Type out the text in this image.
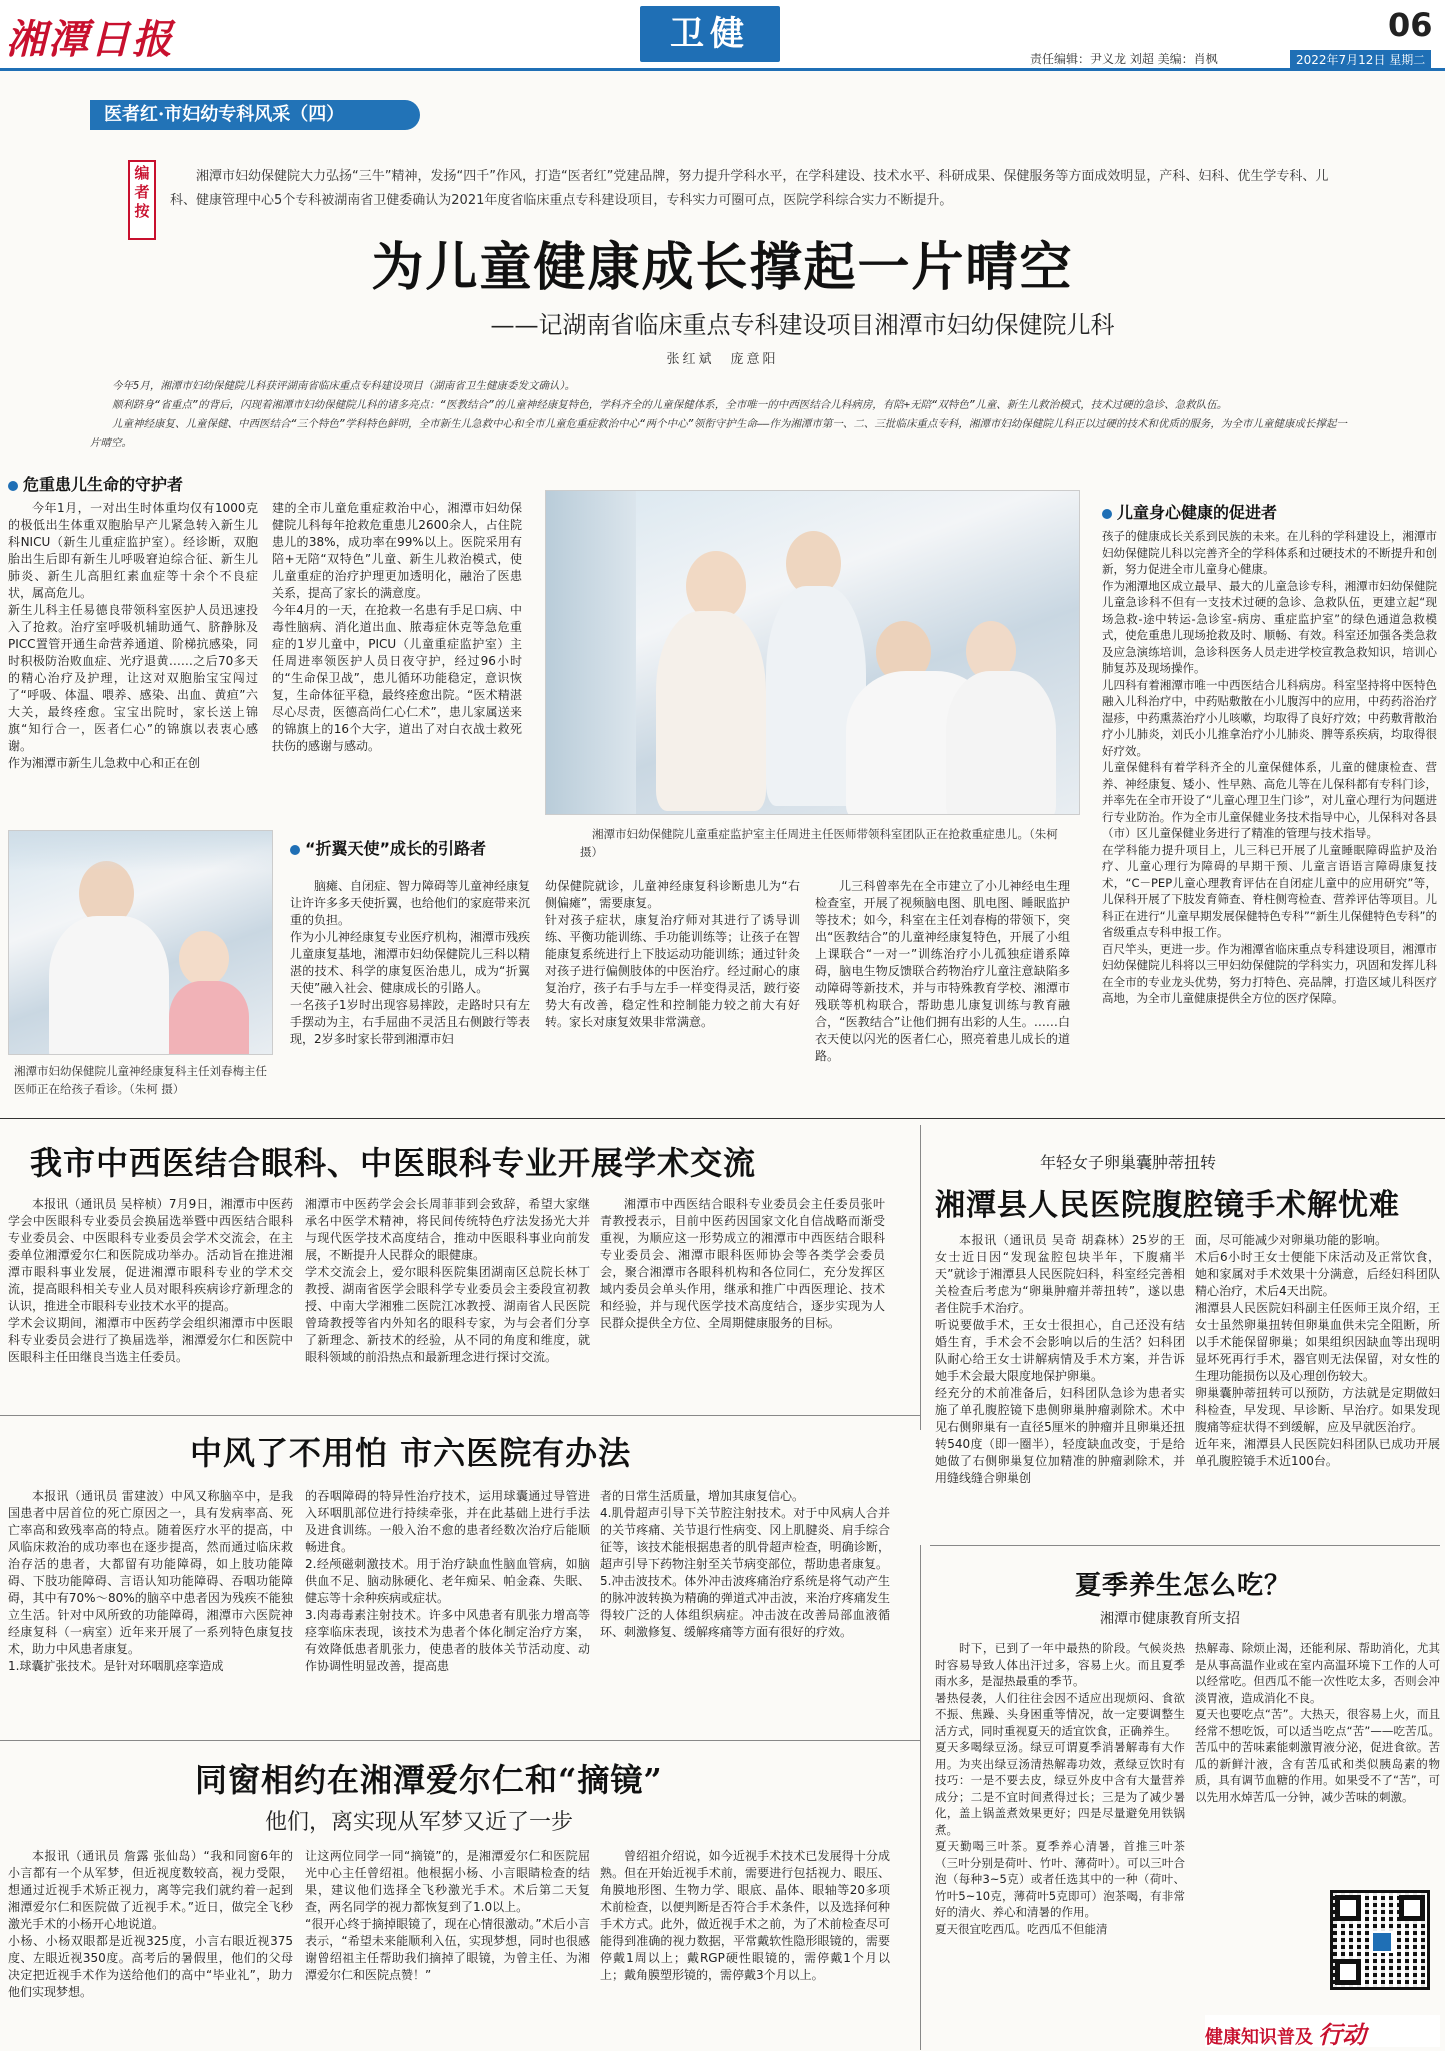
湘潭日报	卫健	06
责任编辑：尹义龙 刘超 美编：肖枫	2022年7月12日 星期二
医者红·市妇幼专科风采（四）
编者按
湘潭市妇幼保健院大力弘扬“三牛”精神，发扬“四千”作风，打造“医者红”党建品牌，努力提升学科水平，在学科建设、技术水平、科研成果、保健服务等方面成效明显，产科、妇科、优生学专科、儿科、健康管理中心5个专科被湖南省卫健委确认为2021年度省临床重点专科建设项目，专科实力可圈可点，医院学科综合实力不断提升。
为儿童健康成长撑起一片晴空
——记湖南省临床重点专科建设项目湘潭市妇幼保健院儿科
张红斌　庞意阳

今年5月，湘潭市妇幼保健院儿科获评湖南省临床重点专科建设项目（湖南省卫生健康委发文确认）。

顺利跻身“省重点”的背后，闪现着湘潭市妇幼保健院儿科的诸多亮点：“医教结合”的儿童神经康复特色，学科齐全的儿童保健体系，全市唯一的中西医结合儿科病房，有陪+无陪“双特色”儿童、新生儿救治模式，技术过硬的急诊、急救队伍。

儿童神经康复、儿童保健、中西医结合“三个特色”学科特色鲜明，全市新生儿急救中心和全市儿童危重症救治中心“两个中心”领衔守护生命——作为湘潭市第一、二、三批临床重点专科，湘潭市妇幼保健院儿科正以过硬的技术和优质的服务，为全市儿童健康成长撑起一片晴空。

危重患儿生命的守护者
今年1月，一对出生时体重均仅有1000克的极低出生体重双胞胎早产儿紧急转入新生儿科NICU（新生儿重症监护室）。经诊断，双胞胎出生后即有新生儿呼吸窘迫综合征、新生儿肺炎、新生儿高胆红素血症等十余个不良症状，属高危儿。
新生儿科主任易德良带领科室医护人员迅速投入了抢救。治疗室呼吸机辅助通气、脐静脉及PICC置管开通生命营养通道、阶梯抗感染，同时积极防治败血症、光疗退黄……之后70多天的精心治疗及护理，让这对双胞胎宝宝闯过了“呼吸、体温、喂养、感染、出血、黄疸”六大关，最终痊愈。宝宝出院时，家长送上锦旗“知行合一，医者仁心”的锦旗以表衷心感谢。
作为湘潭市新生儿急救中心和正在创
建的全市儿童危重症救治中心，湘潭市妇幼保健院儿科每年抢救危重患儿2600余人，占住院患儿的38%，成功率在99%以上。医院采用有陪+无陪“双特色”儿童、新生儿救治模式，使儿童重症的治疗护理更加透明化，融治了医患关系，提高了家长的满意度。
今年4月的一天，在抢救一名患有手足口病、中毒性脑病、消化道出血、脓毒症休克等急危重症的1岁儿童中，PICU（儿童重症监护室）主任周进率领医护人员日夜守护，经过96小时的“生命保卫战”，患儿循环功能稳定，意识恢复，生命体征平稳，最终痊愈出院。“医术精湛尽心尽责，医德高尚仁心仁术”，患儿家属送来的锦旗上的16个大字，道出了对白衣战士救死扶伤的感谢与感动。
湘潭市妇幼保健院儿童重症监护室主任周进主任医师带领科室团队正在抢救重症患儿。（朱柯 摄）
湘潭市妇幼保健院儿童神经康复科主任刘春梅主任医师正在给孩子看诊。（朱柯 摄）
“折翼天使”成长的引路者
脑瘫、自闭症、智力障碍等儿童神经康复让许许多多天使折翼，也给他们的家庭带来沉重的负担。
作为小儿神经康复专业医疗机构，湘潭市残疾儿童康复基地，湘潭市妇幼保健院儿三科以精湛的技术、科学的康复医治患儿，成为“折翼天使”融入社会、健康成长的引路人。
一名孩子1岁时出现容易摔跤，走路时只有左手摆动为主，右手屈曲不灵活且右侧跛行等表现，2岁多时家长带到湘潭市妇
幼保健院就诊，儿童神经康复科诊断患儿为“右侧偏瘫”，需要康复。
针对孩子症状，康复治疗师对其进行了诱导训练、平衡功能训练、手功能训练等；让孩子在智能康复系统进行上下肢运动功能训练；通过针灸对孩子进行偏侧肢体的中医治疗。经过耐心的康复治疗，孩子右手与左手一样变得灵活，跛行姿势大有改善，稳定性和控制能力较之前大有好转。家长对康复效果非常满意。
儿三科曾率先在全市建立了小儿神经电生理检查室，开展了视频脑电图、肌电图、睡眠监护等技术；如今，科室在主任刘春梅的带领下，突出“医教结合”的儿童神经康复特色，开展了小组上课联合“一对一”训练治疗小儿孤独症谱系障碍，脑电生物反馈联合药物治疗儿童注意缺陷多动障碍等新技术，并与市特殊教育学校、湘潭市残联等机构联合，帮助患儿康复训练与教育融合，“医教结合”让他们拥有出彩的人生。……白衣天使以闪光的医者仁心，照亮着患儿成长的道路。
儿童身心健康的促进者
孩子的健康成长关系到民族的未来。在儿科的学科建设上，湘潭市妇幼保健院儿科以完善齐全的学科体系和过硬技术的不断提升和创新，努力促进全市儿童身心健康。
作为湘潭地区成立最早、最大的儿童急诊专科，湘潭市妇幼保健院儿童急诊科不但有一支技术过硬的急诊、急救队伍，更建立起“现场急救-途中转运-急诊室-病房、重症监护室”的绿色通道急救模式，使危重患儿现场抢救及时、顺畅、有效。科室还加强各类急救及应急演练培训，急诊科医务人员走进学校宣教急救知识，培训心肺复苏及现场操作。
儿四科有着湘潭市唯一中西医结合儿科病房。科室坚持将中医特色融入儿科治疗中，中药贴敷散在小儿腹泻中的应用，中药药浴治疗湿疹，中药熏蒸治疗小儿咳嗽，均取得了良好疗效；中药敷背散治疗小儿肺炎，刘氏小儿推拿治疗小儿肺炎、脾等系疾病，均取得很好疗效。
儿童保健科有着学科齐全的儿童保健体系，儿童的健康检查、营养、神经康复、矮小、性早熟、高危儿等在儿保科都有专科门诊，并率先在全市开设了“儿童心理卫生门诊”，对儿童心理行为问题进行专业防治。作为全市儿童保健业务技术指导中心，儿保科对各县（市）区儿童保健业务进行了精准的管理与技术指导。
在学科能力提升项目上，儿三科已开展了儿童睡眠障碍监护及治疗、儿童心理行为障碍的早期干预、儿童言语语言障碍康复技术，“C－PEP儿童心理教育评估在自闭症儿童中的应用研究”等，儿保科开展了下肢发育筛查、脊柱侧弯检查、营养评估等项目。儿科正在进行“儿童早期发展保健特色专科”“新生儿保健特色专科”的省级重点专科申报工作。
百尺竿头，更进一步。作为湘潭省临床重点专科建设项目，湘潭市妇幼保健院儿科将以三甲妇幼保健院的学科实力，巩固和发挥儿科在全市的专业龙头优势，努力打特色、亮品牌，打造区域儿科医疗高地，为全市儿童健康提供全方位的医疗保障。
我市中西医结合眼科、中医眼科专业开展学术交流
本报讯（通讯员 吴梓桢）7月9日，湘潭市中医药学会中医眼科专业委员会换届选举暨中西医结合眼科专业委员会、中医眼科专业委员会学术交流会，在主委单位湘潭爱尔仁和医院成功举办。活动旨在推进湘潭市眼科事业发展，促进湘潭市眼科专业的学术交流，提高眼科相关专业人员对眼科疾病诊疗新理念的认识，推进全市眼科专业技术水平的提高。
学术会议期间，湘潭市中医药学会组织湘潭市中医眼科专业委员会进行了换届选举，湘潭爱尔仁和医院中医眼科主任田继良当选主任委员。
湘潭市中医药学会会长周菲菲到会致辞，希望大家继承名中医学术精神，将民间传统特色疗法发扬光大并与现代医学技术高度结合，推动中医眼科事业向前发展，不断提升人民群众的眼健康。
学术交流会上，爱尔眼科医院集团湖南区总院长林丁教授、湖南省医学会眼科学专业委员会主委段宣初教授、中南大学湘雅二医院江冰教授、湖南省人民医院曾琦教授等省内外知名的眼科专家，为与会者们分享了新理念、新技术的经验，从不同的角度和维度，就眼科领域的前沿热点和最新理念进行探讨交流。
湘潭市中西医结合眼科专业委员会主任委员张叶青教授表示，目前中医药因国家文化自信战略而渐受重视，为顺应这一形势成立的湘潭市中西医结合眼科专业委员会、湘潭市眼科医师协会等各类学会委员会，聚合湘潭市各眼科机构和各位同仁，充分发挥区域内委员会单头作用，继承和推广中西医理论、技术和经验，并与现代医学技术高度结合，逐步实现为人民群众提供全方位、全周期健康服务的目标。
年轻女子卵巢囊肿蒂扭转
湘潭县人民医院腹腔镜手术解忧难
本报讯（通讯员 吴奇 胡森林）25岁的王女士近日因“发现盆腔包块半年，下腹痛半天”就诊于湘潭县人民医院妇科，科室经完善相关检查后考虑为“卵巢肿瘤并蒂扭转”，遂以患者住院手术治疗。
听说要做手术，王女士很担心，自己还没有结婚生育，手术会不会影响以后的生活？妇科团队耐心给王女士讲解病情及手术方案，并告诉她手术会最大限度地保护卵巢。
经充分的术前准备后，妇科团队急诊为患者实施了单孔腹腔镜下患侧卵巢肿瘤剥除术。术中见右侧卵巢有一直径5厘米的肿瘤并且卵巢还扭转540度（即一圈半），轻度缺血改变，于是给她做了右侧卵巢复位加精准的肿瘤剥除术，并用缝线缝合卵巢创
面，尽可能减少对卵巢功能的影响。
术后6小时王女士便能下床活动及正常饮食，她和家属对手术效果十分满意，后经妇科团队精心治疗，术后4天出院。
湘潭县人民医院妇科副主任医师王岚介绍，王女士虽然卵巢扭转但卵巢血供未完全阻断，所以手术能保留卵巢；如果组织因缺血等出现明显坏死再行手术，器官则无法保留，对女性的生理功能损伤以及心理创伤较大。
卵巢囊肿蒂扭转可以预防，方法就是定期做妇科检查，早发现、早诊断、早治疗。如果发现腹痛等症状得不到缓解，应及早就医治疗。
近年来，湘潭县人民医院妇科团队已成功开展单孔腹腔镜手术近100台。
中风了不用怕 市六医院有办法
本报讯（通讯员 雷建波）中风又称脑卒中，是我国患者中居首位的死亡原因之一，具有发病率高、死亡率高和致残率高的特点。随着医疗水平的提高，中风临床救治的成功率也在逐步提高，然而通过临床救治存活的患者，大都留有功能障碍，如上肢功能障碍、下肢功能障碍、言语认知功能障碍、吞咽功能障碍，其中有70%～80%的脑卒中患者因为残疾不能独立生活。针对中风所致的功能障碍，湘潭市六医院神经康复科（一病室）近年来开展了一系列特色康复技术，助力中风患者康复。
1.球囊扩张技术。是针对环咽肌痉挛造成
的吞咽障碍的特异性治疗技术，运用球囊通过导管进入环咽肌部位进行持续牵张，并在此基础上进行手法及进食训练。一般入治不愈的患者经数次治疗后能顺畅进食。
2.经颅磁刺激技术。用于治疗缺血性脑血管病，如脑供血不足、脑动脉硬化、老年痴呆、帕金森、失眠、健忘等十余种疾病或症状。
3.肉毒毒素注射技术。许多中风患者有肌张力增高等痉挛临床表现，该技术为患者个体化制定治疗方案，有效降低患者肌张力，使患者的肢体关节活动度、动作协调性明显改善，提高患
者的日常生活质量，增加其康复信心。
4.肌骨超声引导下关节腔注射技术。对于中风病人合并的关节疼痛、关节退行性病变、冈上肌腱炎、肩手综合征等，该技术能根据患者的肌骨超声检查，明确诊断，超声引导下药物注射至关节病变部位，帮助患者康复。
5.冲击波技术。体外冲击波疼痛治疗系统是将气动产生的脉冲波转换为精确的弹道式冲击波，来治疗疼痛发生得较广泛的人体组织病症。冲击波在改善局部血液循环、刺激修复、缓解疼痛等方面有很好的疗效。
夏季养生怎么吃？
湘潭市健康教育所支招
时下，已到了一年中最热的阶段。气候炎热时容易导致人体出汗过多，容易上火。而且夏季雨水多，是湿热最重的季节。
暑热侵袭，人们往往会因不适应出现烦闷、食欲不振、焦躁、头身困重等情况，故一定要调整生活方式，同时重视夏天的适宜饮食，正确养生。
夏天多喝绿豆汤。绿豆可谓夏季消暑解毒有大作用。为夹出绿豆汤清热解毒功效，煮绿豆饮时有技巧：一是不要去皮，绿豆外皮中含有大量营养成分；二是不宜时间煮得过长；三是为了减少暑化，盖上锅盖煮效果更好；四是尽量避免用铁锅煮。
夏天勤喝三叶茶。夏季养心清暑，首推三叶茶（三叶分别是荷叶、竹叶、薄荷叶）。可以三叶合泡（每种3~5克）或者任选其中的一种（荷叶、竹叶5~10克，薄荷叶5克即可）泡茶喝，有非常好的清火、养心和清暑的作用。
夏天很宜吃西瓜。吃西瓜不但能清
热解毒、除烦止渴，还能利尿、帮助消化，尤其是从事高温作业或在室内高温环境下工作的人可以经常吃。但西瓜不能一次性吃太多，否则会冲淡胃液，造成消化不良。
夏天也要吃点“苦”。大热天，很容易上火，而且经常不想吃饭，可以适当吃点“苦”——吃苦瓜。苦瓜中的苦味素能刺激胃液分泌，促进食欲。苦瓜的新鲜汁液，含有苦瓜甙和类似胰岛素的物质，具有调节血糖的作用。如果受不了“苦”，可以先用水焯苦瓜一分钟，减少苦味的刺激。
同窗相约在湘潭爱尔仁和“摘镜”
他们，离实现从军梦又近了一步
本报讯（通讯员 詹露 张仙岛）“我和同窗6年的小言都有一个从军梦，但近视度数较高，视力受限，想通过近视手术矫正视力，离等完我们就约着一起到湘潭爱尔仁和医院做了近视手术。”近日，做完全飞秒激光手术的小杨开心地说道。
小杨、小杨双眼都是近视325度，小言右眼近视375度、左眼近视350度。高考后的暑假里，他们的父母决定把近视手术作为送给他们的高中“毕业礼”，助力他们实现梦想。
让这两位同学一同“摘镜”的，是湘潭爱尔仁和医院屈光中心主任曾绍祖。他根据小杨、小言眼睛检查的结果，建议他们选择全飞秒激光手术。术后第二天复查，两名同学的视力都恢复到了1.0以上。
“很开心终于摘掉眼镜了，现在心情很激动。”术后小言表示，“希望未来能顺利入伍，实现梦想，同时也很感谢曾绍祖主任帮助我们摘掉了眼镜，为曾主任、为湘潭爱尔仁和医院点赞！”
曾绍祖介绍说，如今近视手术技术已发展得十分成熟。但在开始近视手术前，需要进行包括视力、眼压、角膜地形图、生物力学、眼底、晶体、眼轴等20多项术前检查，以便判断是否符合手术条件，以及选择何种手术方式。此外，做近视手术之前，为了术前检查尽可能得到准确的视力数据，平常戴软性隐形眼镜的，需要停戴1周以上；戴RGP硬性眼镜的，需停戴1个月以上；戴角膜塑形镜的，需停戴3个月以上。
健康知识普及 行动
